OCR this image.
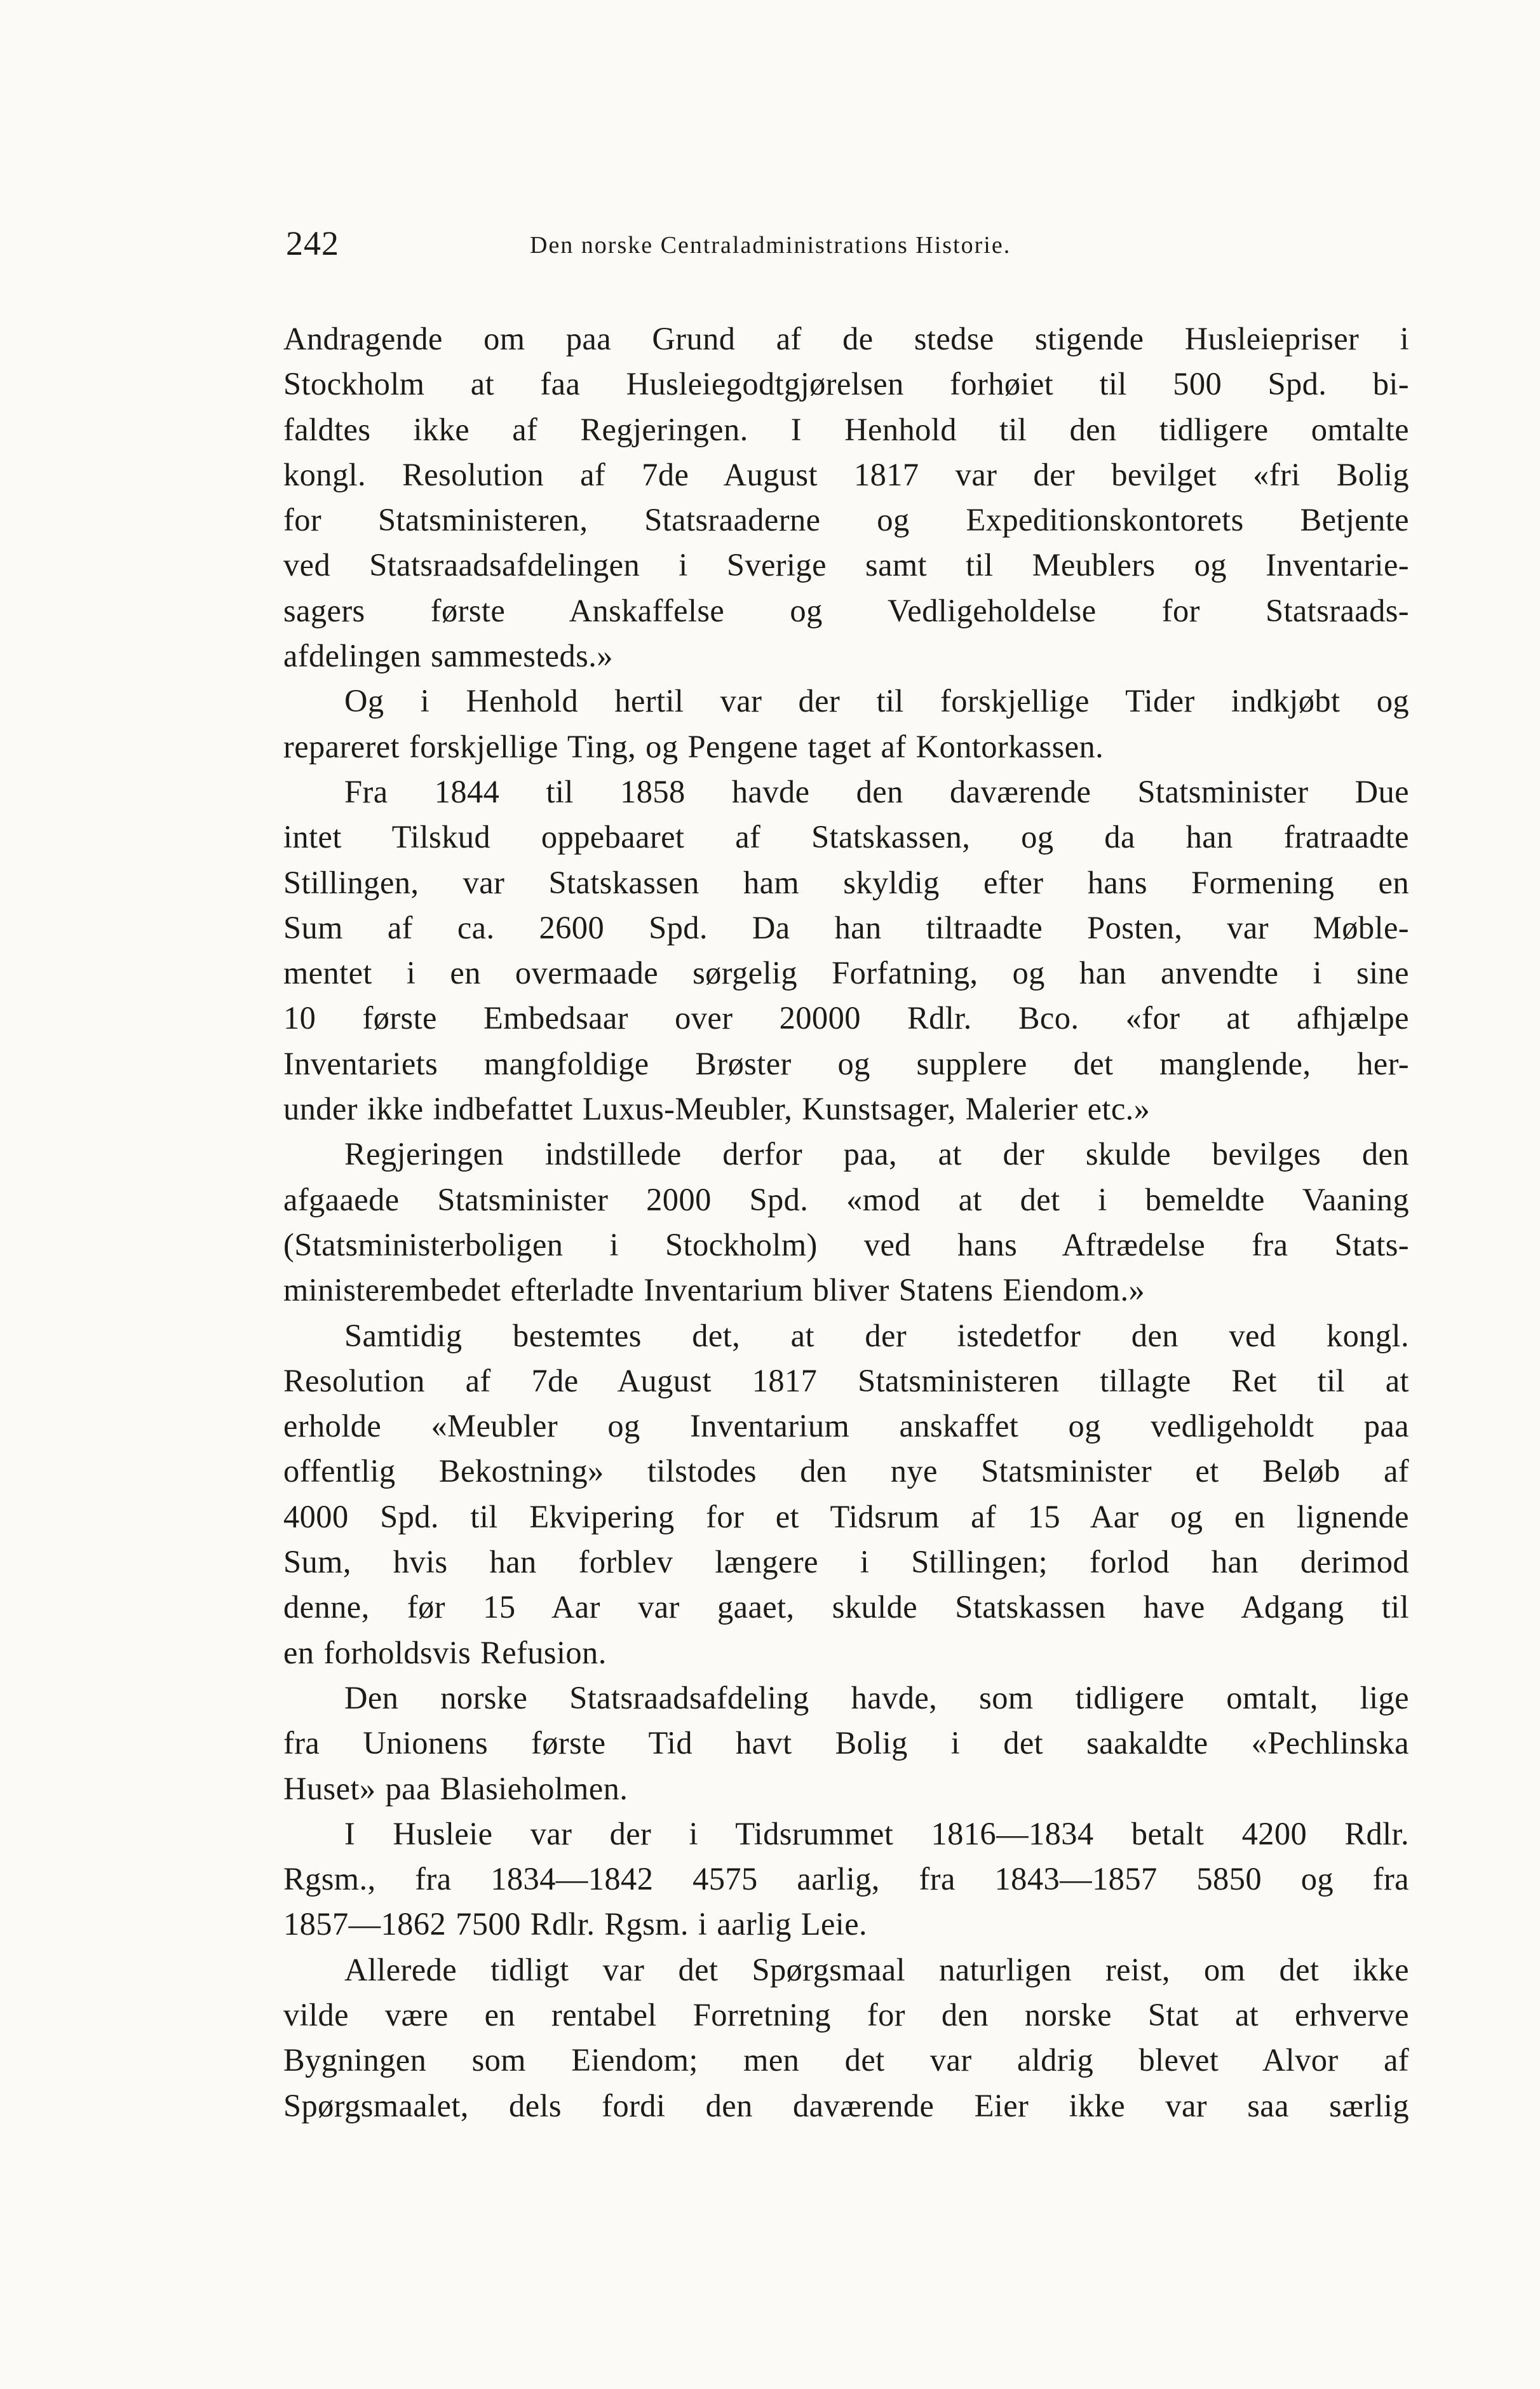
242	Den norske Centraladministrations Historie.
Andragende om paa Grund af de stedse stigende Husleiepriser i
Stockholm at faa Husleiegodtgjørelsen forhøiet til 500 Spd. bi-
faldtes ikke af Regjeringen. I Henhold til den tidligere omtalte
kongl. Resolution af 7de August 1817 var der bevilget «fri Bolig
for Statsministeren, Statsraaderne og Expeditionskontorets Betjente
ved Statsraadsafdelingen i Sverige samt til Meublers og Inventarie-
sagers første Anskaffelse og Vedligeholdelse for Statsraads-
afdelingen sammesteds.»
Og i Henhold hertil var der til forskjellige Tider indkjøbt og
repareret forskjellige Ting, og Pengene taget af Kontorkassen.
Fra 1844 til 1858 havde den daværende Statsminister Due
intet Tilskud oppebaaret af Statskassen, og da han fratraadte
Stillingen, var Statskassen ham skyldig efter hans Formening en
Sum af ca. 2600 Spd. Da han tiltraadte Posten, var Møble-
mentet i en overmaade sørgelig Forfatning, og han anvendte i sine
10 første Embedsaar over 20000 Rdlr. Bco. «for at afhjælpe
Inventariets mangfoldige Brøster og supplere det manglende, her-
under ikke indbefattet Luxus-Meubler, Kunstsager, Malerier etc.»
Regjeringen indstillede derfor paa, at der skulde bevilges den
afgaaede Statsminister 2000 Spd. «mod at det i bemeldte Vaaning
(Statsministerboligen i Stockholm) ved hans Aftrædelse fra Stats-
ministerembedet efterladte Inventarium bliver Statens Eiendom.»
Samtidig bestemtes det, at der istedetfor den ved kongl.
Resolution af 7de August 1817 Statsministeren tillagte Ret til at
erholde «Meubler og Inventarium anskaffet og vedligeholdt paa
offentlig Bekostning» tilstodes den nye Statsminister et Beløb af
4000 Spd. til Ekvipering for et Tidsrum af 15 Aar og en lignende
Sum, hvis han forblev længere i Stillingen; forlod han derimod
denne, før 15 Aar var gaaet, skulde Statskassen have Adgang til
en forholdsvis Refusion.
Den norske Statsraadsafdeling havde, som tidligere omtalt, lige
fra Unionens første Tid havt Bolig i det saakaldte «Pechlinska
Huset» paa Blasieholmen.
I Husleie var der i Tidsrummet 1816—1834 betalt 4200 Rdlr.
Rgsm., fra 1834—1842 4575 aarlig, fra 1843—1857 5850 og fra
1857—1862 7500 Rdlr. Rgsm. i aarlig Leie.
Allerede tidligt var det Spørgsmaal naturligen reist, om det ikke
vilde være en rentabel Forretning for den norske Stat at erhverve
Bygningen som Eiendom; men det var aldrig blevet Alvor af
Spørgsmaalet, dels fordi den daværende Eier ikke var saa særlig
